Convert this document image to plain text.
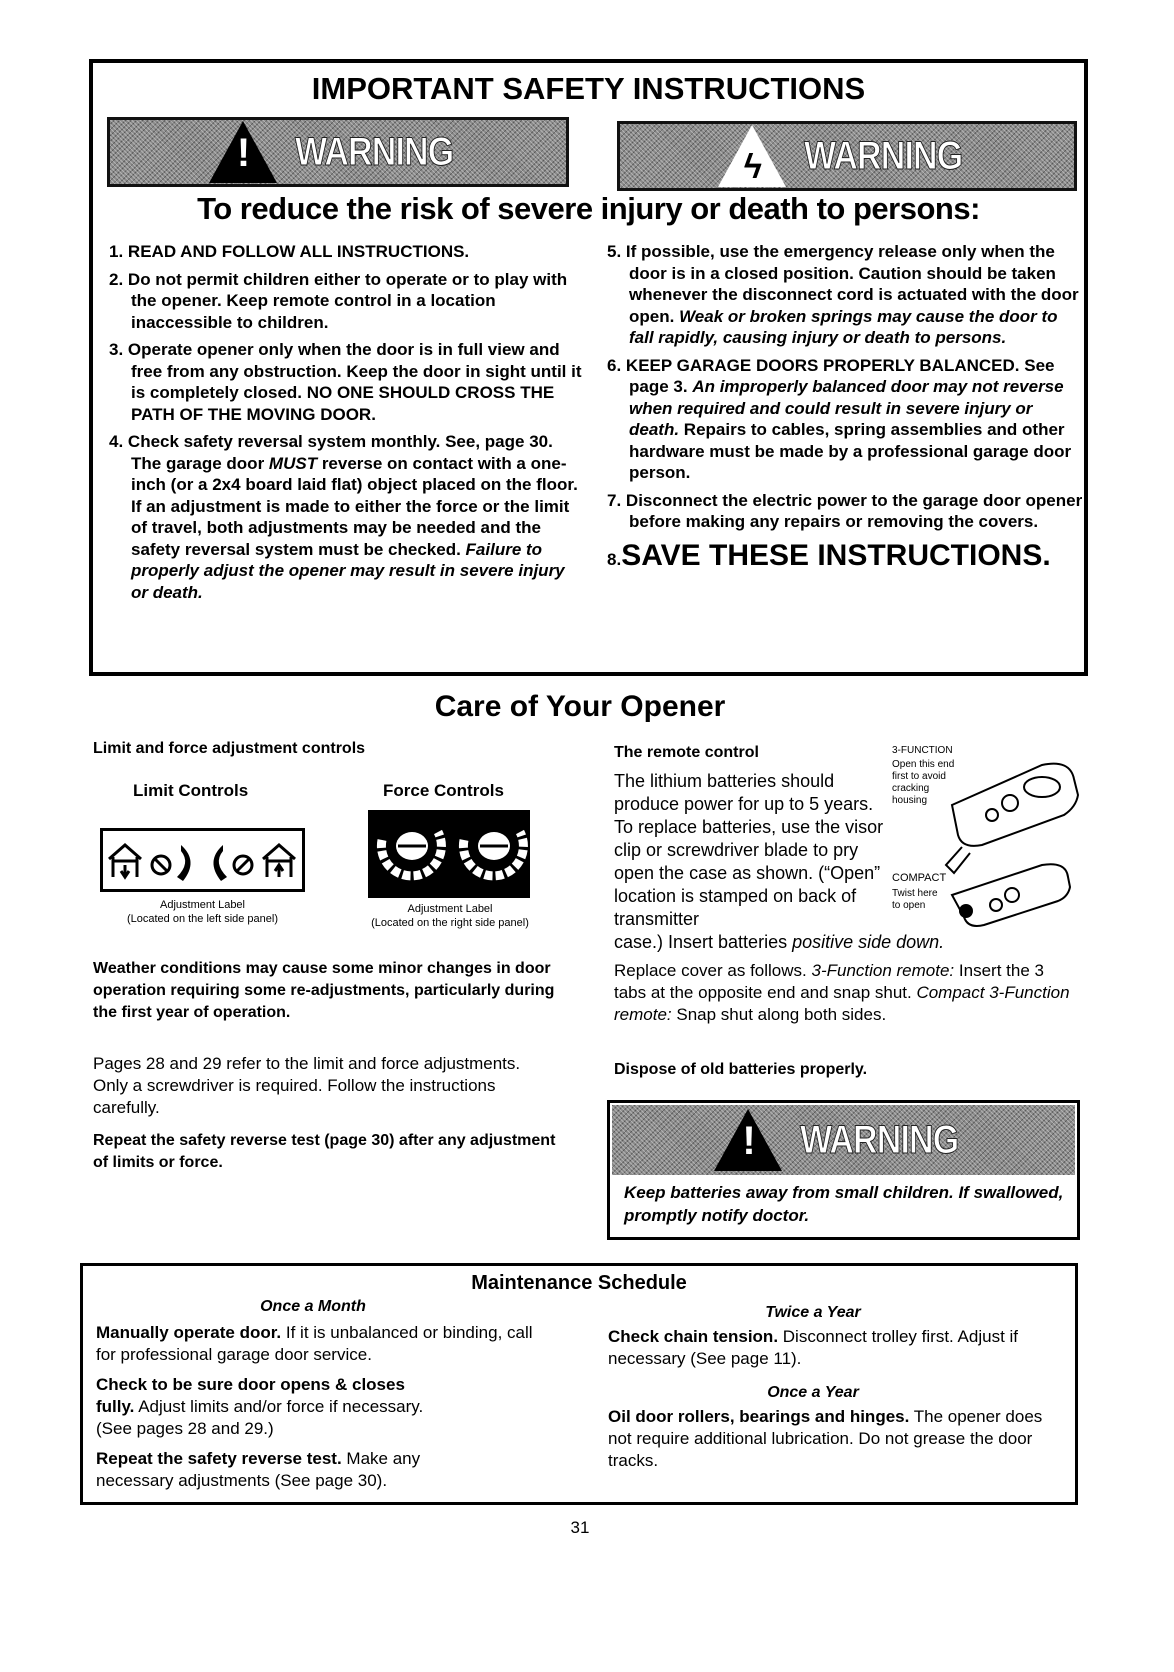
IMPORTANT SAFETY INSTRUCTIONS
! WARNING	ϟ WARNING
To reduce the risk of severe injury or death to persons:
1. READ AND FOLLOW ALL INSTRUCTIONS.
2. Do not permit children either to operate or to play with the opener. Keep remote control in a location inaccessible to children.
3. Operate opener only when the door is in full view and free from any obstruction. Keep the door in sight until it is completely closed. NO ONE SHOULD CROSS THE PATH OF THE MOVING DOOR.
4. Check safety reversal system monthly. See, page 30. The garage door MUST reverse on contact with a one-inch (or a 2x4 board laid flat) object placed on the floor. If an adjustment is made to either the force or the limit of travel, both adjustments may be needed and the safety reversal system must be checked. Failure to properly adjust the opener may result in severe injury or death.
5. If possible, use the emergency release only when the door is in a closed position. Caution should be taken whenever the disconnect cord is actuated with the door open. Weak or broken springs may cause the door to fall rapidly, causing injury or death to persons.
6. KEEP GARAGE DOORS PROPERLY BALANCED. See page 3. An improperly balanced door may not reverse when required and could result in severe injury or death. Repairs to cables, spring assemblies and other hardware must be made by a professional garage door person.
7. Disconnect the electric power to the garage door opener before making any repairs or removing the covers.
8.SAVE THESE INSTRUCTIONS.
Care of Your Opener
Limit and force adjustment controls
Limit Controls	Force Controls
Adjustment Label
(Located on the left side panel)
Adjustment Label
(Located on the right side panel)
Weather conditions may cause some minor changes in door operation requiring some re-adjustments, particularly during the first year of operation.
Pages 28 and 29 refer to the limit and force adjustments. Only a screwdriver is required. Follow the instructions carefully.
Repeat the safety reverse test (page 30) after any adjustment of limits or force.
The remote control
The lithium batteries should produce power for up to 5 years. To replace batteries, use the visor clip or screwdriver blade to pry open the case as shown. (“Open” location is stamped on back of transmitter
case.) Insert batteries positive side down.
3-FUNCTION
Open this end first to avoid cracking housing
COMPACT
Twist here to open
Replace cover as follows. 3-Function remote: Insert the 3 tabs at the opposite end and snap shut. Compact 3-Function remote: Snap shut along both sides.
Dispose of old batteries properly.
! WARNING
Keep batteries away from small children. If swallowed, promptly notify doctor.
Maintenance Schedule
Once a Month
Manually operate door. If it is unbalanced or binding, call for professional garage door service.
Check to be sure door opens & closes fully. Adjust limits and/or force if necessary. (See pages 28 and 29.)
Repeat the safety reverse test. Make any necessary adjustments (See page 30).
Twice a Year
Check chain tension. Disconnect trolley first. Adjust if necessary (See page 11).
Once a Year
Oil door rollers, bearings and hinges. The opener does not require additional lubrication. Do not grease the door tracks.
31
